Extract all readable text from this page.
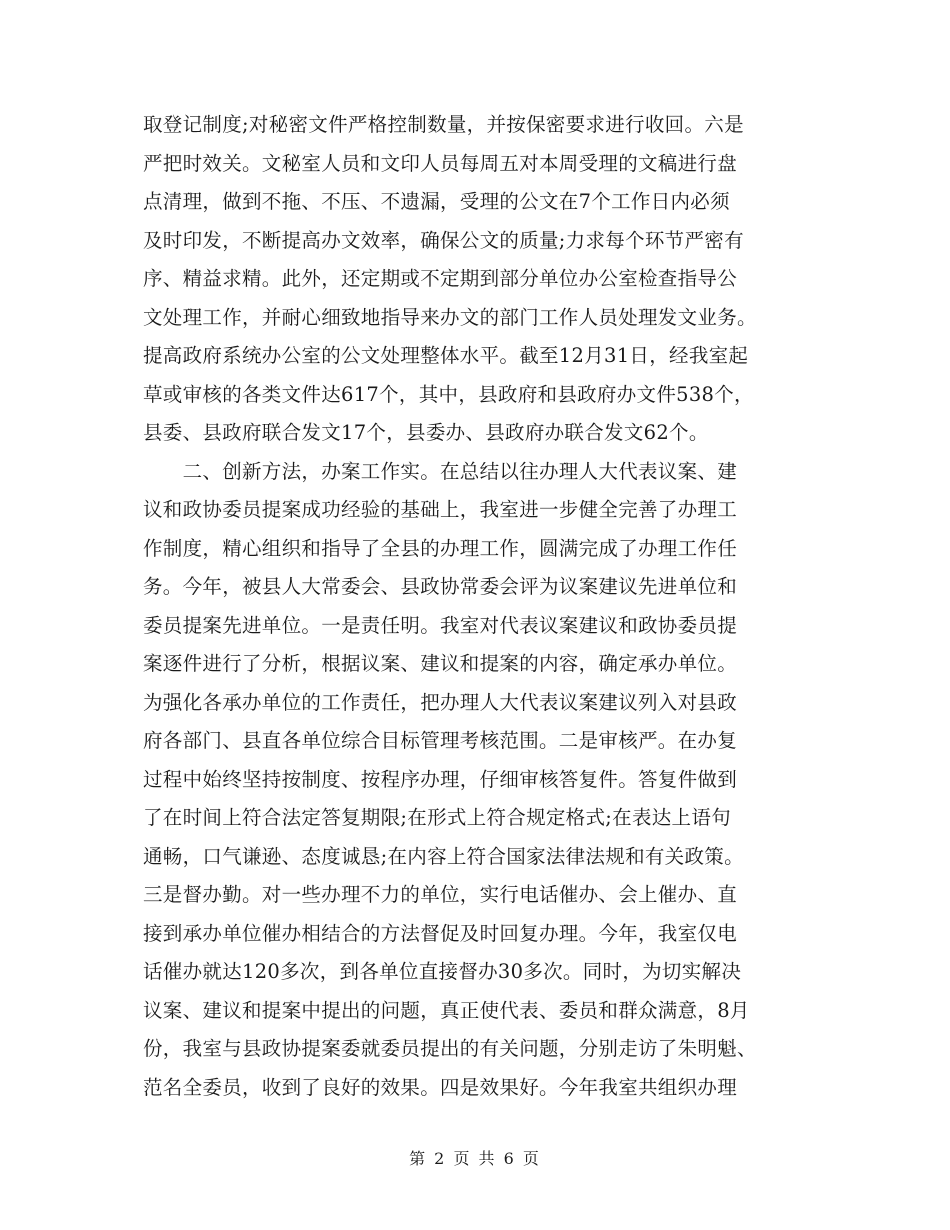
取登记制度;对秘密文件严格控制数量，并按保密要求进行收回。六是
严把时效关。文秘室人员和文印人员每周五对本周受理的文稿进行盘
点清理，做到不拖、不压、不遗漏，受理的公文在7个工作日内必须
及时印发，不断提高办文效率，确保公文的质量;力求每个环节严密有
序、精益求精。此外，还定期或不定期到部分单位办公室检查指导公
文处理工作，并耐心细致地指导来办文的部门工作人员处理发文业务。
提高政府系统办公室的公文处理整体水平。截至12月31日，经我室起
草或审核的各类文件达617个，其中，县政府和县政府办文件538个，
县委、县政府联合发文17个，县委办、县政府办联合发文62个。
　　二、创新方法，办案工作实。在总结以往办理人大代表议案、建
议和政协委员提案成功经验的基础上，我室进一步健全完善了办理工
作制度，精心组织和指导了全县的办理工作，圆满完成了办理工作任
务。今年，被县人大常委会、县政协常委会评为议案建议先进单位和
委员提案先进单位。一是责任明。我室对代表议案建议和政协委员提
案逐件进行了分析，根据议案、建议和提案的内容，确定承办单位。
为强化各承办单位的工作责任，把办理人大代表议案建议列入对县政
府各部门、县直各单位综合目标管理考核范围。二是审核严。在办复
过程中始终坚持按制度、按程序办理，仔细审核答复件。答复件做到
了在时间上符合法定答复期限;在形式上符合规定格式;在表达上语句
通畅，口气谦逊、态度诚恳;在内容上符合国家法律法规和有关政策。
三是督办勤。对一些办理不力的单位，实行电话催办、会上催办、直
接到承办单位催办相结合的方法督促及时回复办理。今年，我室仅电
话催办就达120多次，到各单位直接督办30多次。同时，为切实解决
议案、建议和提案中提出的问题，真正使代表、委员和群众满意，8月
份，我室与县政协提案委就委员提出的有关问题，分别走访了朱明魁、
范名全委员，收到了良好的效果。四是效果好。今年我室共组织办理
第 2 页 共 6 页
